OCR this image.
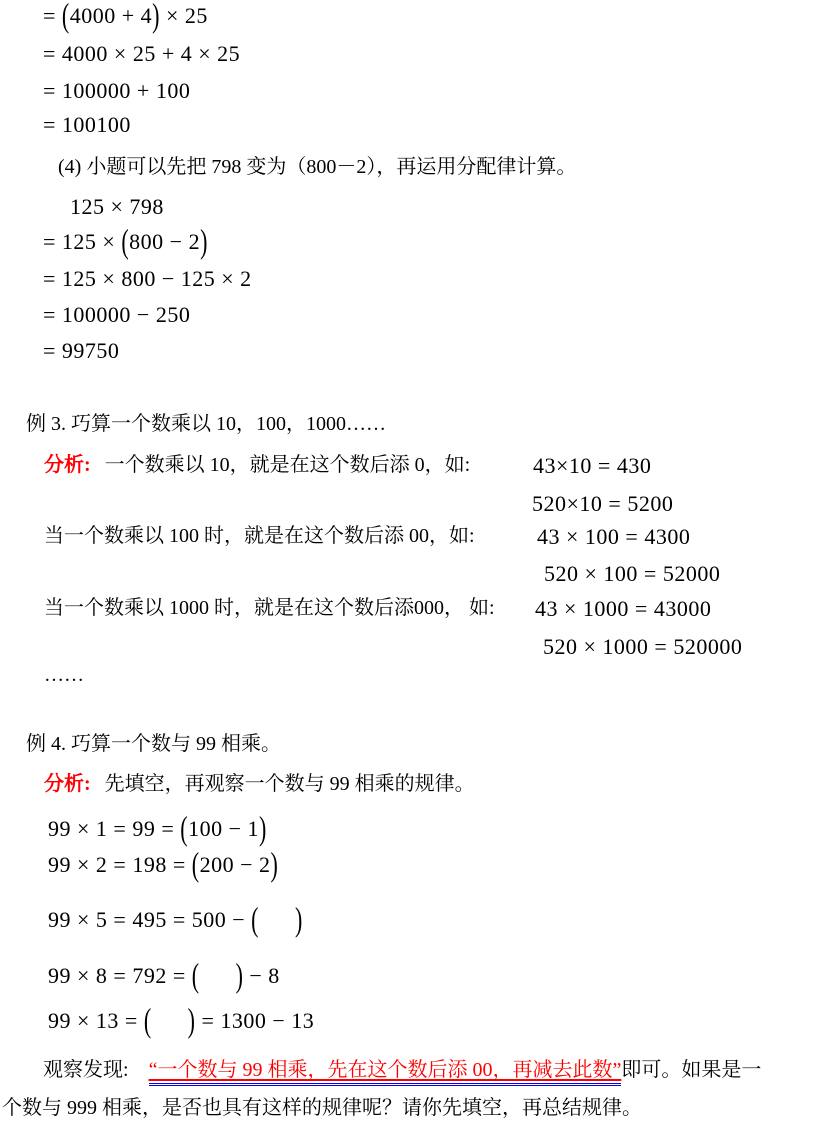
= (4000 + 4) × 25
= 4000 × 25 + 4 × 25
= 100000 + 100
= 100100
(4) 小题可以先把 798 变为（800－2），再运用分配律计算。
125 × 798
= 125 × (800 − 2)
= 125 × 800 − 125 × 2
= 100000 − 250
= 99750
例 3. 巧算一个数乘以 10，100，1000……
分析: 一个数乘以 10，就是在这个数后添 0，如:	43×10 = 430
520×10 = 5200
当一个数乘以 100 时，就是在这个数后添 00，如:	43 × 100 = 4300
520 × 100 = 52000
当一个数乘以 1000 时，就是在这个数后添000， 如: 43 × 1000 = 43000
520 × 1000 = 520000
……
例 4. 巧算一个数与 99 相乘。
分析: 先填空，再观察一个数与 99 相乘的规律。
99 × 1 = 99 = (100 − 1)
99 × 2 = 198 = (200 − 2)
99 × 5 = 495 = 500 − ( )
99 × 8 = 792 = ( ) − 8
99 × 13 = ( ) = 1300 − 13
观察发现: “一个数与 99 相乘，先在这个数后添 00，再减去此数”即可。如果是一
个数与 999 相乘，是否也具有这样的规律呢？请你先填空，再总结规律。
